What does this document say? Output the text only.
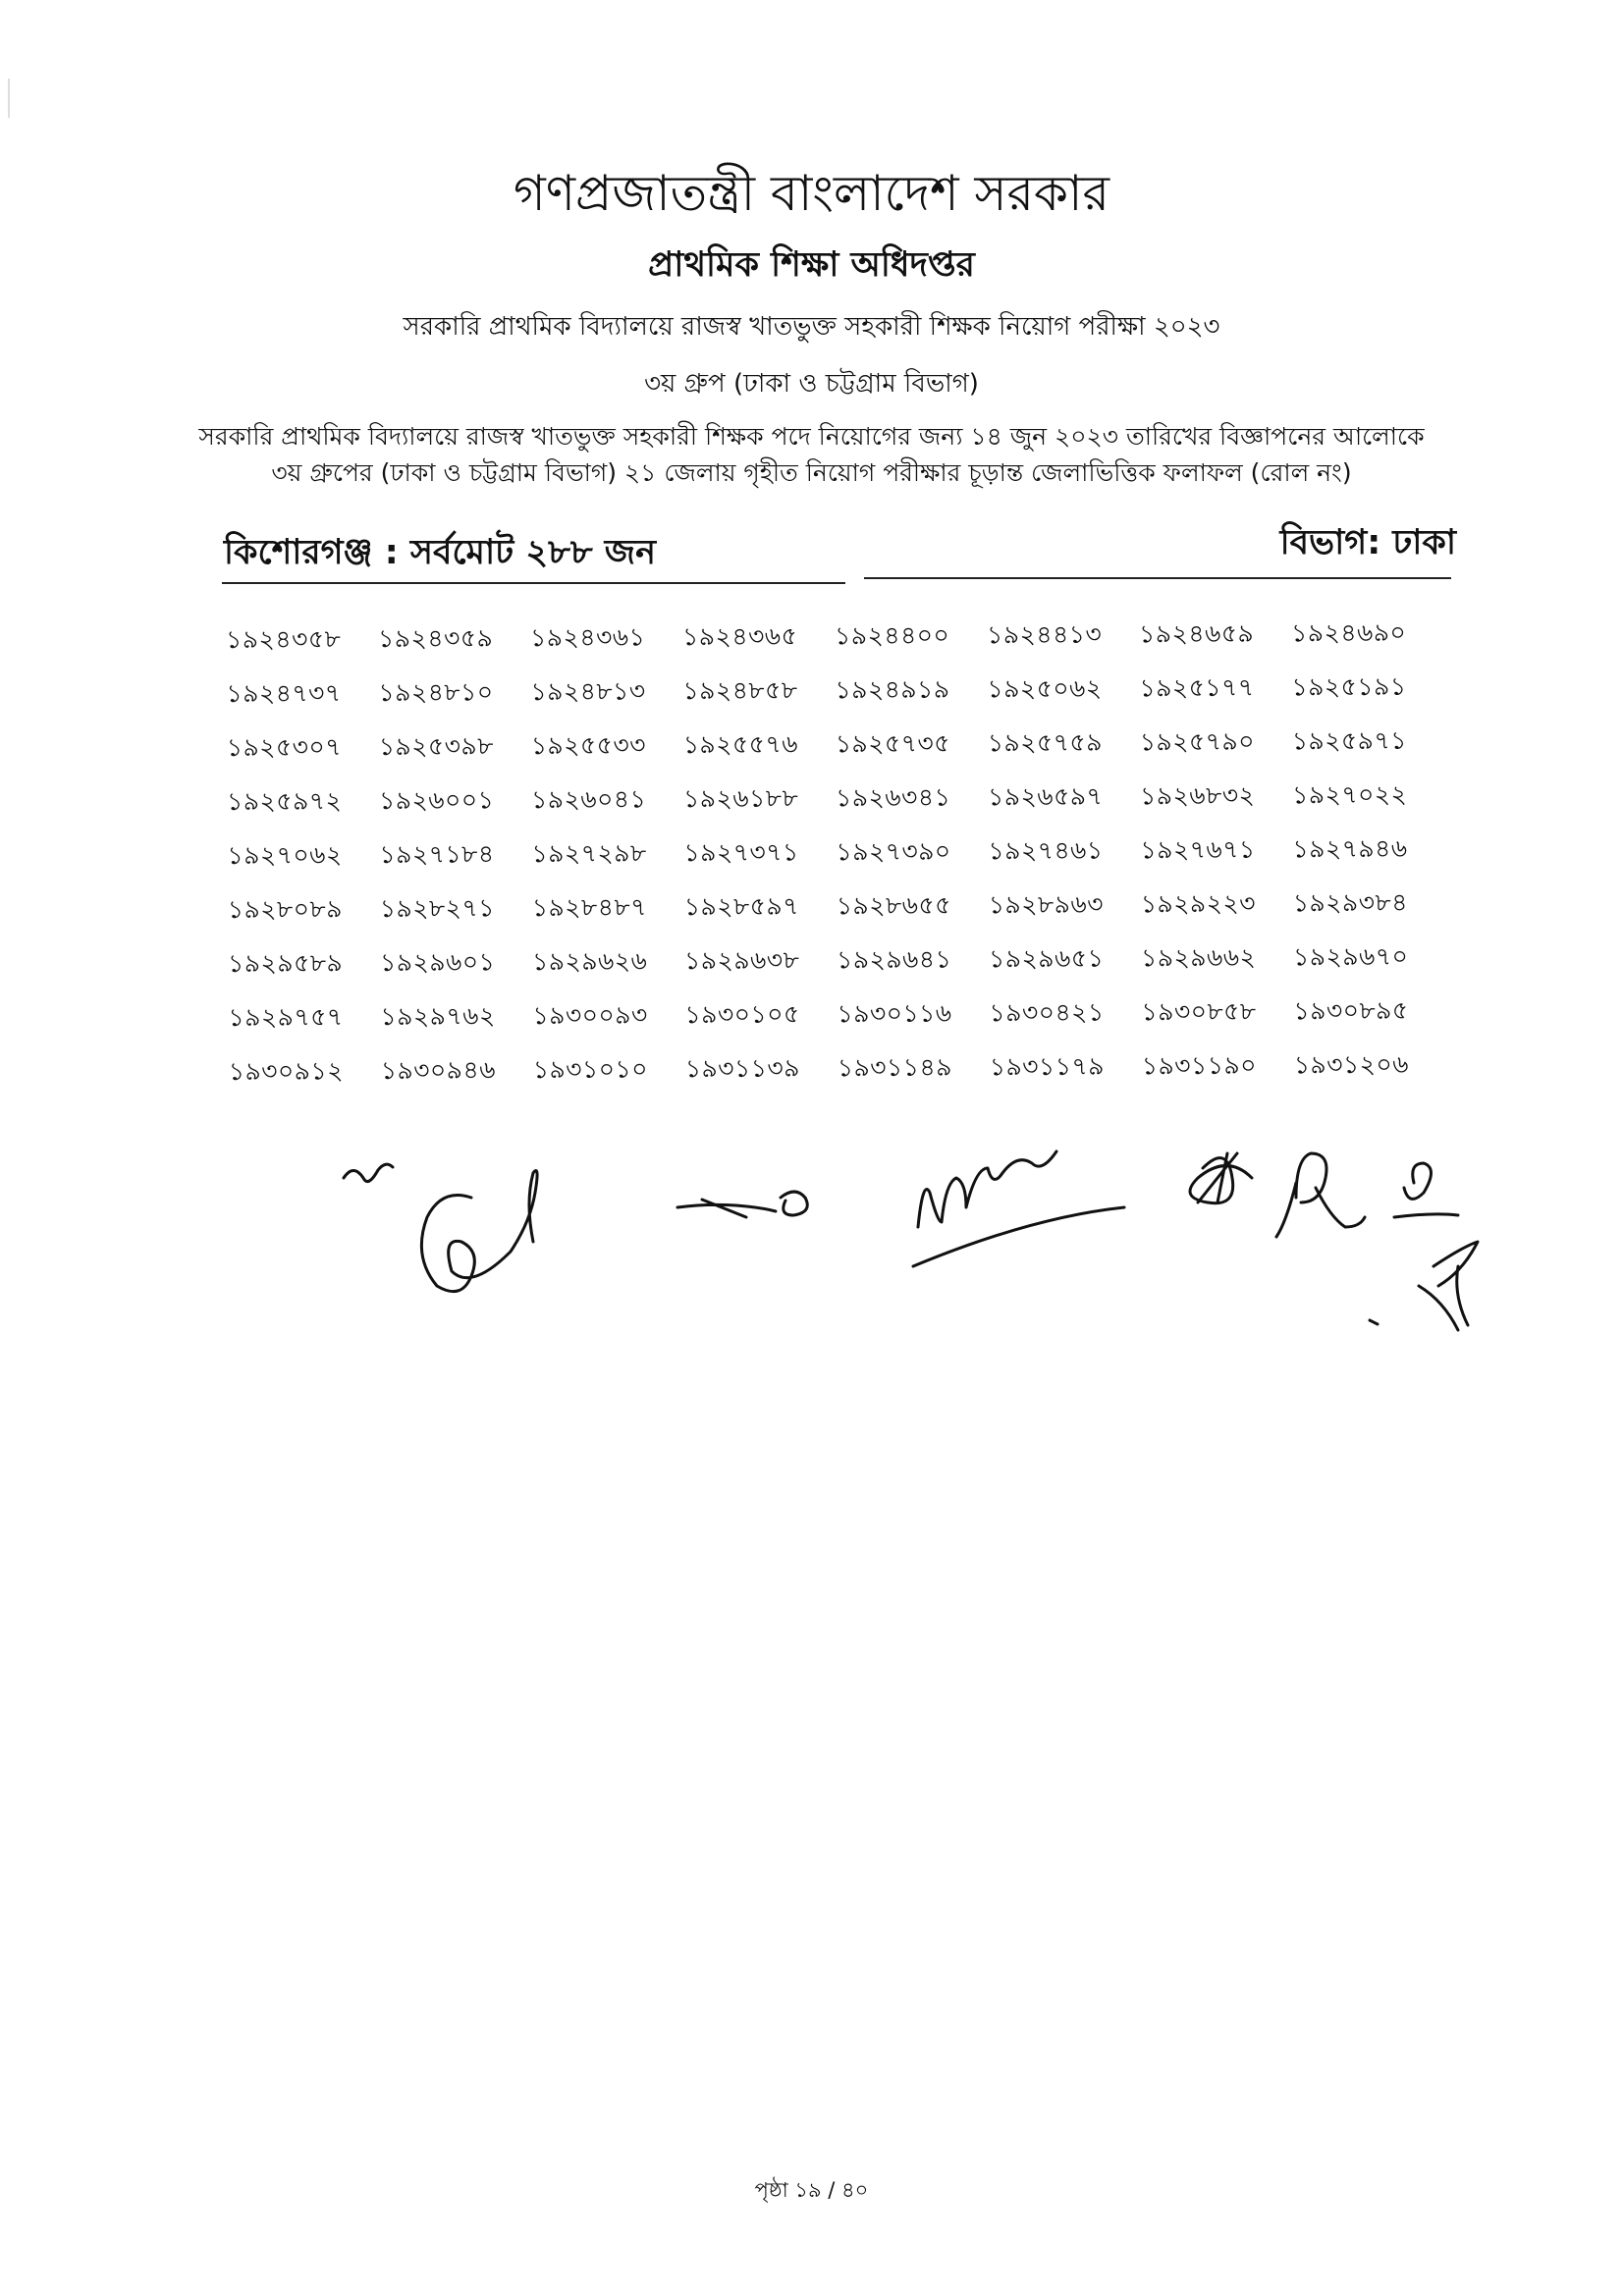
গণপ্রজাতন্ত্রী বাংলাদেশ সরকার
প্রাথমিক শিক্ষা অধিদপ্তর
সরকারি প্রাথমিক বিদ্যালয়ে রাজস্ব খাতভুক্ত সহকারী শিক্ষক নিয়োগ পরীক্ষা ২০২৩
৩য় গ্রুপ (ঢাকা ও চট্টগ্রাম বিভাগ)
সরকারি প্রাথমিক বিদ্যালয়ে রাজস্ব খাতভুক্ত সহকারী শিক্ষক পদে নিয়োগের জন্য ১৪ জুন ২০২৩ তারিখের বিজ্ঞাপনের আলোকে
৩য় গ্রুপের (ঢাকা ও চট্টগ্রাম বিভাগ) ২১ জেলায় গৃহীত নিয়োগ পরীক্ষার চূড়ান্ত জেলাভিত্তিক ফলাফল (রোল নং)
কিশোরগঞ্জ : সর্বমোট ২৮৮ জন	বিভাগ: ঢাকা
১৯২৪৩৫৮	১৯২৪৩৫৯	১৯২৪৩৬১	১৯২৪৩৬৫	১৯২৪৪০০	১৯২৪৪১৩	১৯২৪৬৫৯	১৯২৪৬৯০
১৯২৪৭৩৭	১৯২৪৮১০	১৯২৪৮১৩	১৯২৪৮৫৮	১৯২৪৯১৯	১৯২৫০৬২	১৯২৫১৭৭	১৯২৫১৯১
১৯২৫৩০৭	১৯২৫৩৯৮	১৯২৫৫৩৩	১৯২৫৫৭৬	১৯২৫৭৩৫	১৯২৫৭৫৯	১৯২৫৭৯০	১৯২৫৯৭১
১৯২৫৯৭২	১৯২৬০০১	১৯২৬০৪১	১৯২৬১৮৮	১৯২৬৩৪১	১৯২৬৫৯৭	১৯২৬৮৩২	১৯২৭০২২
১৯২৭০৬২	১৯২৭১৮৪	১৯২৭২৯৮	১৯২৭৩৭১	১৯২৭৩৯০	১৯২৭৪৬১	১৯২৭৬৭১	১৯২৭৯৪৬
১৯২৮০৮৯	১৯২৮২৭১	১৯২৮৪৮৭	১৯২৮৫৯৭	১৯২৮৬৫৫	১৯২৮৯৬৩	১৯২৯২২৩	১৯২৯৩৮৪
১৯২৯৫৮৯	১৯২৯৬০১	১৯২৯৬২৬	১৯২৯৬৩৮	১৯২৯৬৪১	১৯২৯৬৫১	১৯২৯৬৬২	১৯২৯৬৭০
১৯২৯৭৫৭	১৯২৯৭৬২	১৯৩০০৯৩	১৯৩০১০৫	১৯৩০১১৬	১৯৩০৪২১	১৯৩০৮৫৮	১৯৩০৮৯৫
১৯৩০৯১২	১৯৩০৯৪৬	১৯৩১০১০	১৯৩১১৩৯	১৯৩১১৪৯	১৯৩১১৭৯	১৯৩১১৯০	১৯৩১২০৬
পৃষ্ঠা ১৯ / ৪০
